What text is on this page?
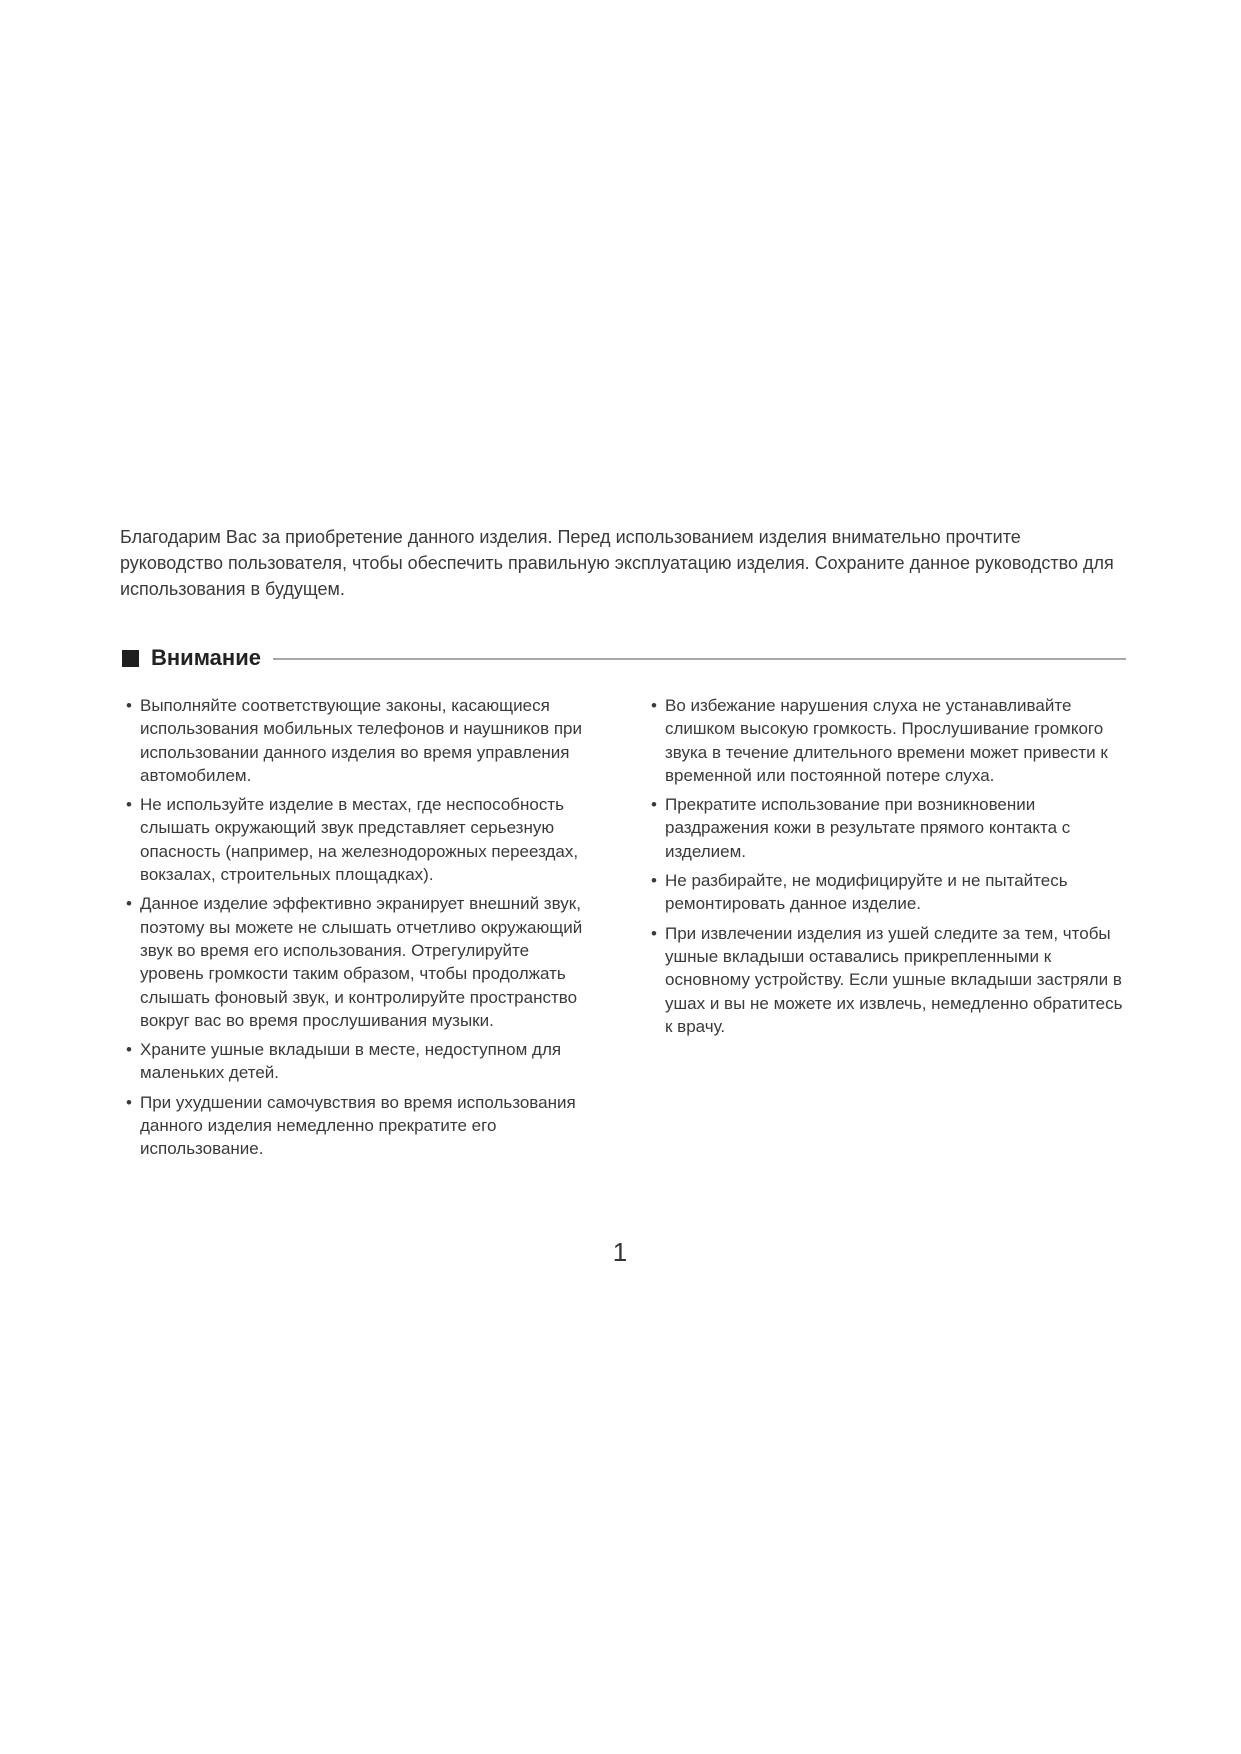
Благодарим Вас за приобретение данного изделия. Перед использованием изделия внимательно прочтите руководство пользователя, чтобы обеспечить правильную эксплуатацию изделия. Сохраните данное руководство для использования в будущем.

Внимание
• Выполняйте соответствующие законы, касающиеся использования мобильных телефонов и наушников при использовании данного изделия во время управления автомобилем.
• Не используйте изделие в местах, где неспособность слышать окружающий звук представляет серьезную опасность (например, на железнодорожных переездах, вокзалах, строительных площадках).
• Данное изделие эффективно экранирует внешний звук, поэтому вы можете не слышать отчетливо окружающий звук во время его использования. Отрегулируйте уровень громкости таким образом, чтобы продолжать слышать фоновый звук, и контролируйте пространство вокруг вас во время прослушивания музыки.
• Храните ушные вкладыши в месте, недоступном для маленьких детей.
• При ухудшении самочувствия во время использования данного изделия немедленно прекратите его использование.
• Во избежание нарушения слуха не устанавливайте слишком высокую громкость. Прослушивание громкого звука в течение длительного времени может привести к временной или постоянной потере слуха.
• Прекратите использование при возникновении раздражения кожи в результате прямого контакта с изделием.
• Не разбирайте, не модифицируйте и не пытайтесь ремонтировать данное изделие.
• При извлечении изделия из ушей следите за тем, чтобы ушные вкладыши оставались прикрепленными к основному устройству. Если ушные вкладыши застряли в ушах и вы не можете их извлечь, немедленно обратитесь к врачу.
1
